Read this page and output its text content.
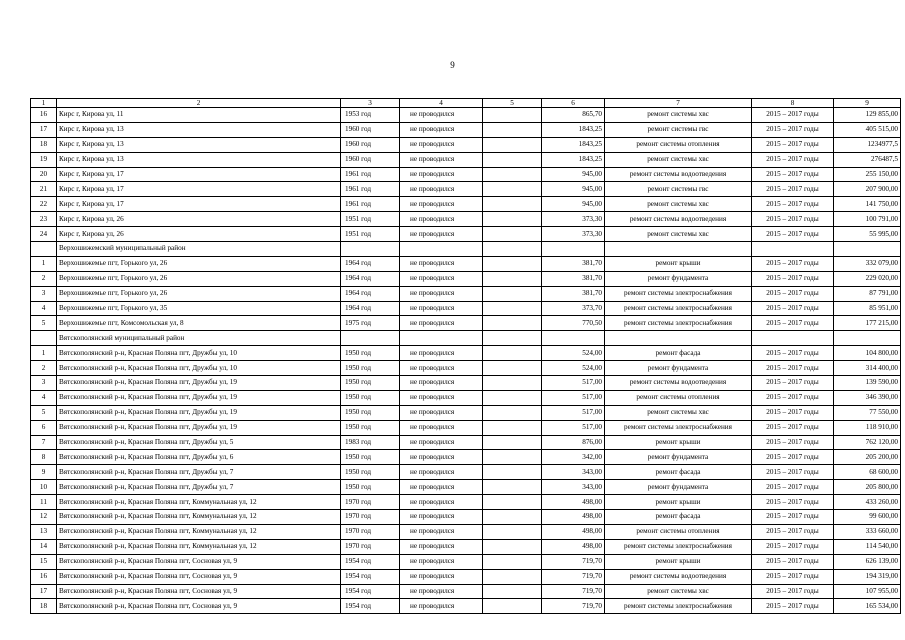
9
1	2	3	4	5	6	7	8	9
16	Кирс г, Кирова ул, 11	1953 год	не проводился		865,70	ремонт системы хвс	2015 – 2017 годы	129 855,00
17	Кирс г, Кирова ул, 13	1960 год	не проводился		1843,25	ремонт системы гвс	2015 – 2017 годы	405 515,00
18	Кирс г, Кирова ул, 13	1960 год	не проводился		1843,25	ремонт системы отопления	2015 – 2017 годы	1234977,5
19	Кирс г, Кирова ул, 13	1960 год	не проводился		1843,25	ремонт системы хвс	2015 – 2017 годы	276487,5
20	Кирс г, Кирова ул, 17	1961 год	не проводился		945,00	ремонт системы водоотведения	2015 – 2017 годы	255 150,00
21	Кирс г, Кирова ул, 17	1961 год	не проводился		945,00	ремонт системы гвс	2015 – 2017 годы	207 900,00
22	Кирс г, Кирова ул, 17	1961 год	не проводился		945,00	ремонт системы хвс	2015 – 2017 годы	141 750,00
23	Кирс г, Кирова ул, 26	1951 год	не проводился		373,30	ремонт системы водоотведения	2015 – 2017 годы	100 791,00
24	Кирс г, Кирова ул, 26	1951 год	не проводился		373,30	ремонт системы хвс	2015 – 2017 годы	55 995,00
	Верхошижемский муниципальный район							
1	Верхошижемье пгт, Горького ул, 26	1964 год	не проводился		381,70	ремонт крыши	2015 – 2017 годы	332 079,00
2	Верхошижемье пгт, Горького ул, 26	1964 год	не проводился		381,70	ремонт фундамента	2015 – 2017 годы	229 020,00
3	Верхошижемье пгт, Горького ул, 26	1964 год	не проводился		381,70	ремонт системы электроснабжения	2015 – 2017 годы	87 791,00
4	Верхошижемье пгт, Горького ул, 35	1964 год	не проводился		373,70	ремонт системы электроснабжения	2015 – 2017 годы	85 951,00
5	Верхошижемье пгт, Комсомольская ул, 8	1975 год	не проводился		770,50	ремонт системы электроснабжения	2015 – 2017 годы	177 215,00
	Вятскополянский муниципальный район							
1	Вятскополянский р-н, Красная Поляна пгт, Дружбы ул, 10	1950 год	не проводился		524,00	ремонт фасада	2015 – 2017 годы	104 800,00
2	Вятскополянский р-н, Красная Поляна пгт, Дружбы ул, 10	1950 год	не проводился		524,00	ремонт фундамента	2015 – 2017 годы	314 400,00
3	Вятскополянский р-н, Красная Поляна пгт, Дружбы ул, 19	1950 год	не проводился		517,00	ремонт системы водоотведения	2015 – 2017 годы	139 590,00
4	Вятскополянский р-н, Красная Поляна пгт, Дружбы ул, 19	1950 год	не проводился		517,00	ремонт системы отопления	2015 – 2017 годы	346 390,00
5	Вятскополянский р-н, Красная Поляна пгт, Дружбы ул, 19	1950 год	не проводился		517,00	ремонт системы хвс	2015 – 2017 годы	77 550,00
6	Вятскополянский р-н, Красная Поляна пгт, Дружбы ул, 19	1950 год	не проводился		517,00	ремонт системы электроснабжения	2015 – 2017 годы	118 910,00
7	Вятскополянский р-н, Красная Поляна пгт, Дружбы ул, 5	1983 год	не проводился		876,00	ремонт крыши	2015 – 2017 годы	762 120,00
8	Вятскополянский р-н, Красная Поляна пгт, Дружбы ул, 6	1950 год	не проводился		342,00	ремонт фундамента	2015 – 2017 годы	205 200,00
9	Вятскополянский р-н, Красная Поляна пгт, Дружбы ул, 7	1950 год	не проводился		343,00	ремонт фасада	2015 – 2017 годы	68 600,00
10	Вятскополянский р-н, Красная Поляна пгт, Дружбы ул, 7	1950 год	не проводился		343,00	ремонт фундамента	2015 – 2017 годы	205 800,00
11	Вятскополянский р-н, Красная Поляна пгт, Коммунальная ул, 12	1970 год	не проводился		498,00	ремонт крыши	2015 – 2017 годы	433 260,00
12	Вятскополянский р-н, Красная Поляна пгт, Коммунальная ул, 12	1970 год	не проводился		498,00	ремонт фасада	2015 – 2017 годы	99 600,00
13	Вятскополянский р-н, Красная Поляна пгт, Коммунальная ул, 12	1970 год	не проводился		498,00	ремонт системы отопления	2015 – 2017 годы	333 660,00
14	Вятскополянский р-н, Красная Поляна пгт, Коммунальная ул, 12	1970 год	не проводился		498,00	ремонт системы электроснабжения	2015 – 2017 годы	114 540,00
15	Вятскополянский р-н, Красная Поляна пгт, Сосновая ул, 9	1954 год	не проводился		719,70	ремонт крыши	2015 – 2017 годы	626 139,00
16	Вятскополянский р-н, Красная Поляна пгт, Сосновая ул, 9	1954 год	не проводился		719,70	ремонт системы водоотведения	2015 – 2017 годы	194 319,00
17	Вятскополянский р-н, Красная Поляна пгт, Сосновая ул, 9	1954 год	не проводился		719,70	ремонт системы хвс	2015 – 2017 годы	107 955,00
18	Вятскополянский р-н, Красная Поляна пгт, Сосновая ул, 9	1954 год	не проводился		719,70	ремонт системы электроснабжения	2015 – 2017 годы	165 534,00
